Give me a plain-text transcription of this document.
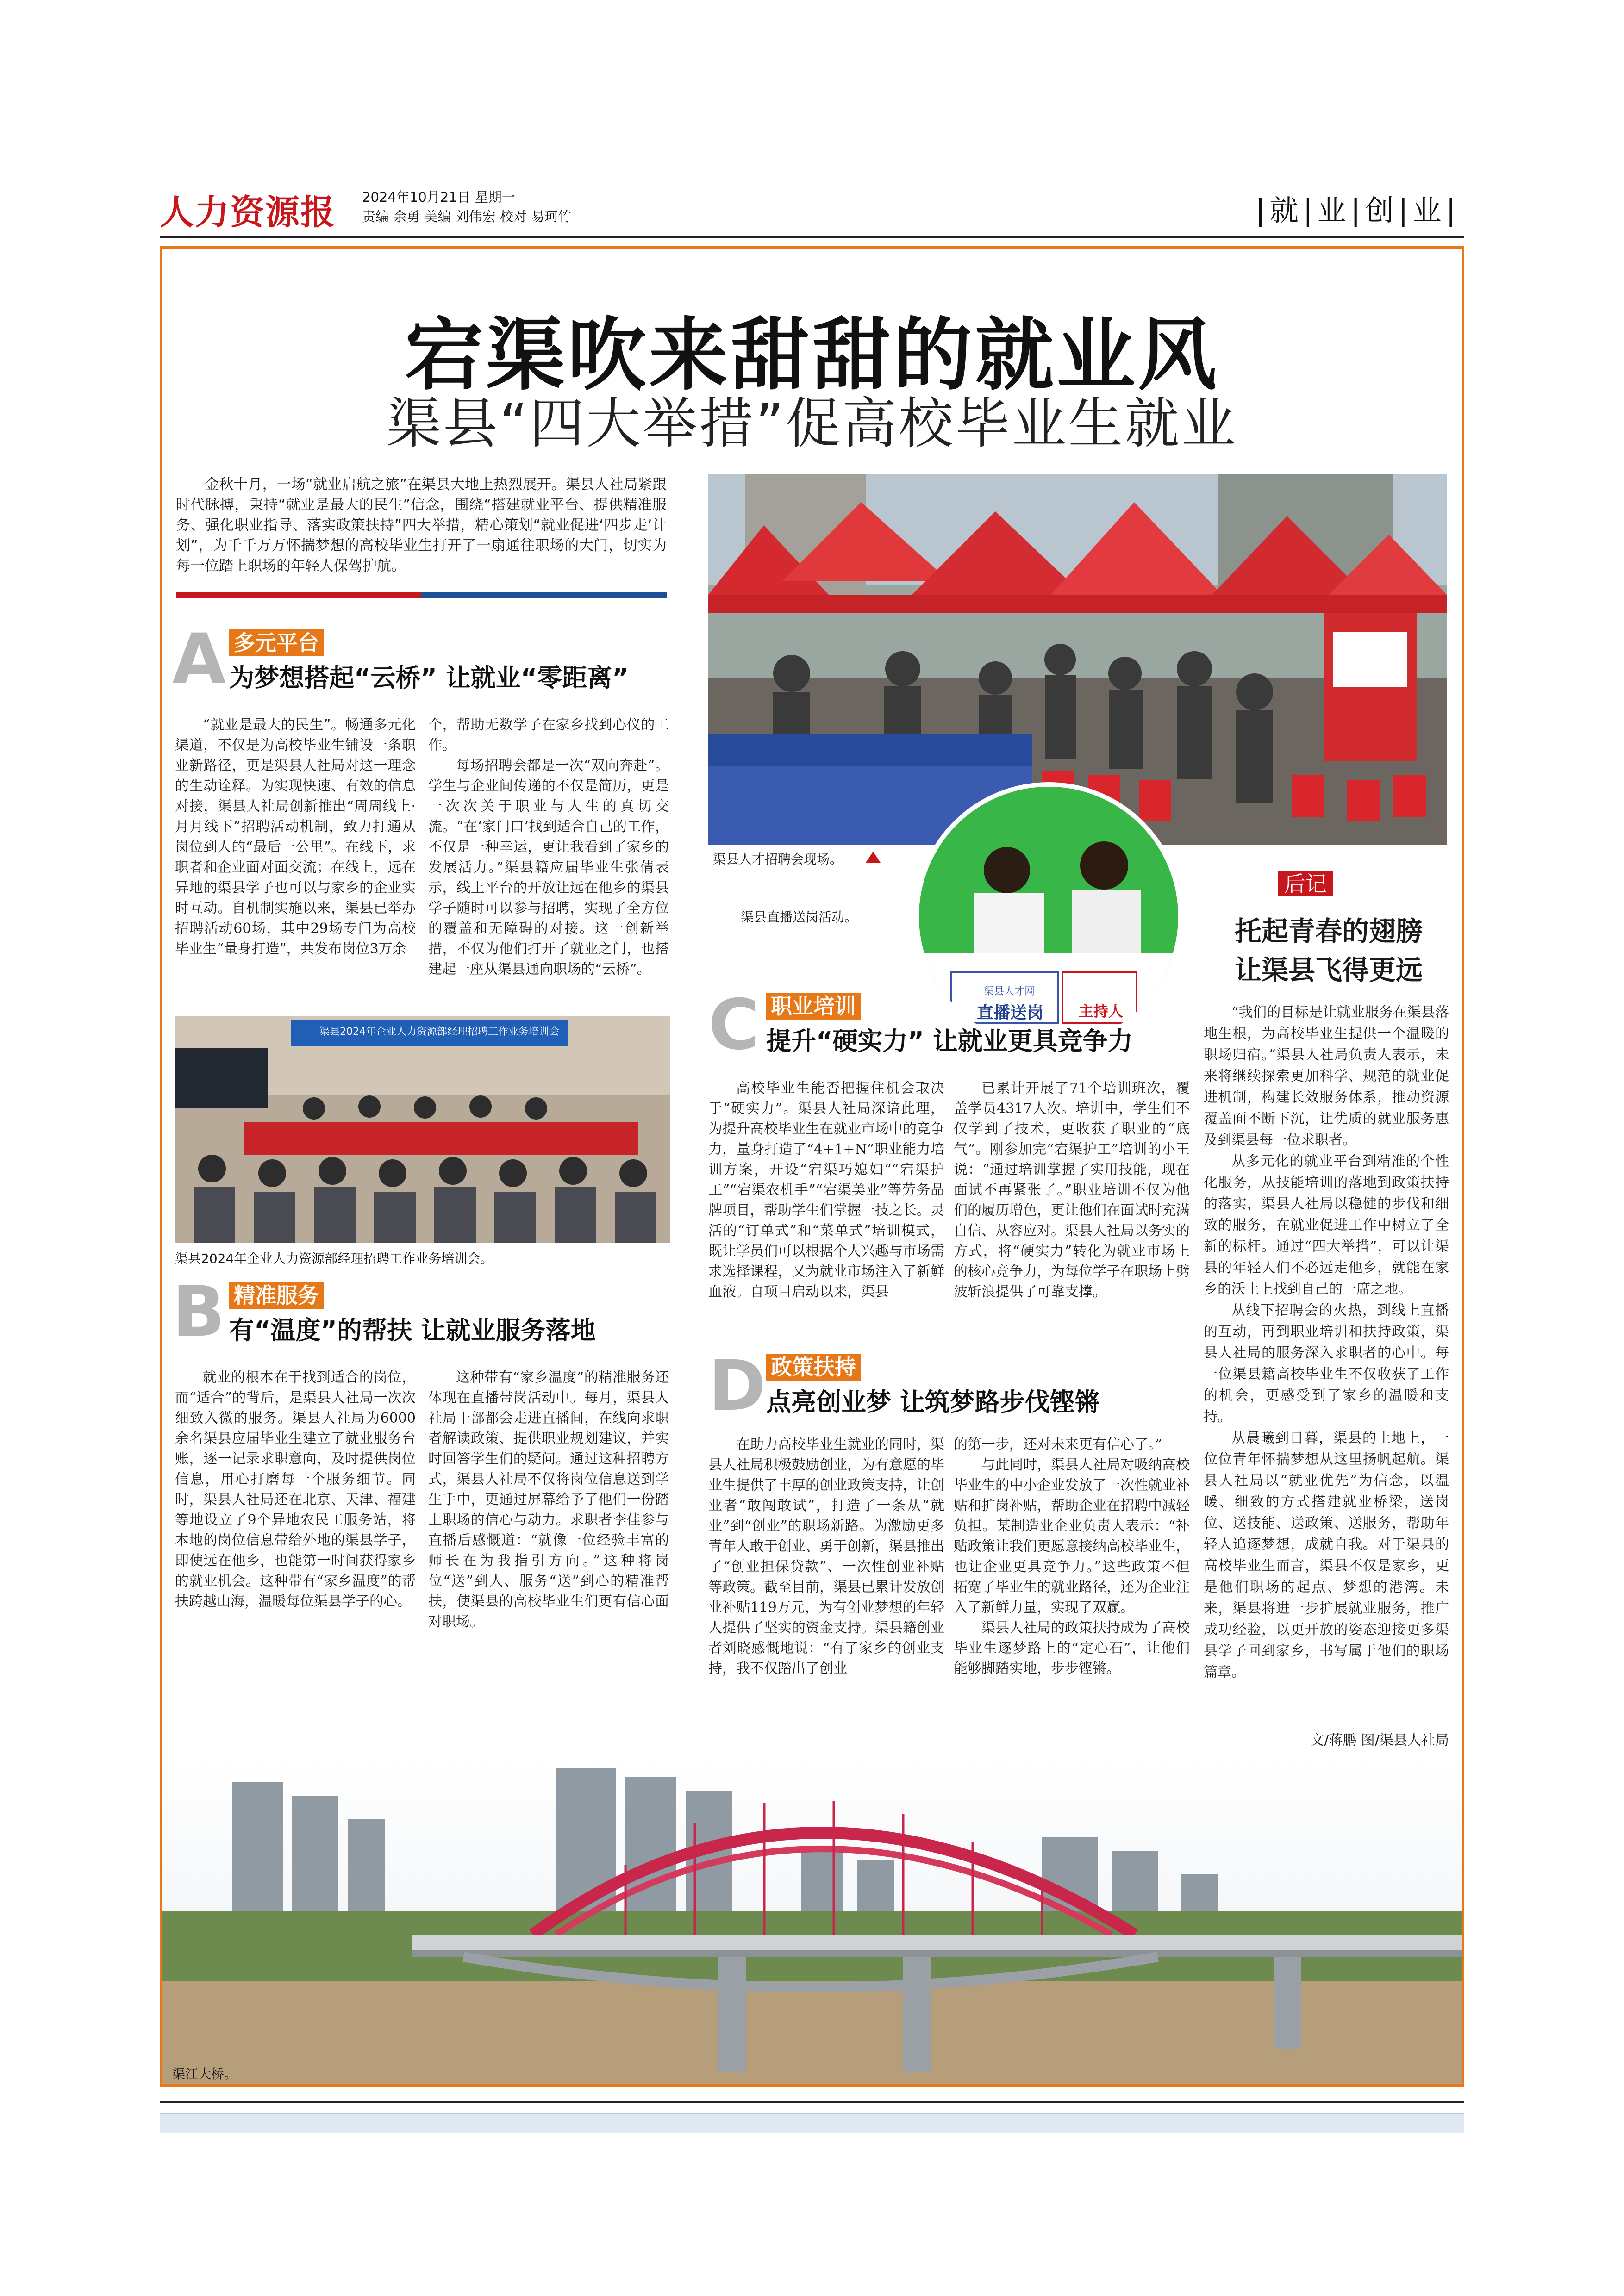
人力资源报 2024年10月21日 星期一
责编 余勇 美编 刘伟宏 校对 易珂竹	|就|业|创|业|
宕渠吹来甜甜的就业风
渠县“四大举措”促高校毕业生就业
金秋十月，一场“就业启航之旅”在渠县大地上热烈展开。渠县人社局紧跟时代脉搏，秉持“就业是最大的民生”信念，围绕“搭建就业平台、提供精准服务、强化职业指导、落实政策扶持”四大举措，精心策划“就业促进‘四步走’计划”，为千千万万怀揣梦想的高校毕业生打开了一扇通往职场的大门，切实为每一位踏上职场的年轻人保驾护航。
渠县人才招聘会现场。
渠县人才网
直播送岗 主持人
渠县直播送岗活动。
后记
托起青春的翅膀
让渠县飞得更远

“我们的目标是让就业服务在渠县落地生根，为高校毕业生提供一个温暖的职场归宿。”渠县人社局负责人表示，未来将继续探索更加科学、规范的就业促进机制，构建长效服务体系，推动资源覆盖面不断下沉，让优质的就业服务惠及到渠县每一位求职者。

从多元化的就业平台到精准的个性化服务，从技能培训的落地到政策扶持的落实，渠县人社局以稳健的步伐和细致的服务，在就业促进工作中树立了全新的标杆。通过“四大举措”，可以让渠县的年轻人们不必远走他乡，就能在家乡的沃土上找到自己的一席之地。

从线下招聘会的火热，到线上直播的互动，再到职业培训和扶持政策，渠县人社局的服务深入求职者的心中。每一位渠县籍高校毕业生不仅收获了工作的机会，更感受到了家乡的温暖和支持。

从晨曦到日暮，渠县的土地上，一位位青年怀揣梦想从这里扬帆起航。渠县人社局以“就业优先”为信念，以温暖、细致的方式搭建就业桥梁，送岗位、送技能、送政策、送服务，帮助年轻人追逐梦想，成就自我。对于渠县的高校毕业生而言，渠县不仅是家乡，更是他们职场的起点、梦想的港湾。未来，渠县将进一步扩展就业服务，推广成功经验，以更开放的姿态迎接更多渠县学子回到家乡，书写属于他们的职场篇章。

文/蒋鹏 图/渠县人社局
A 多元平台
为梦想搭起“云桥” 让就业“零距离”
“就业是最大的民生”。畅通多元化渠道，不仅是为高校毕业生铺设一条职业新路径，更是渠县人社局对这一理念的生动诠释。为实现快速、有效的信息对接，渠县人社局创新推出“周周线上·月月线下”招聘活动机制，致力打通从岗位到人的“最后一公里”。在线下，求职者和企业面对面交流；在线上，远在异地的渠县学子也可以与家乡的企业实时互动。自机制实施以来，渠县已举办招聘活动60场，其中29场专门为高校毕业生“量身打造”，共发布岗位3万余

个，帮助无数学子在家乡找到心仪的工作。

每场招聘会都是一次“双向奔赴”。学生与企业间传递的不仅是简历，更是一次次关于职业与人生的真切交流。“在‘家门口’找到适合自己的工作，不仅是一种幸运，更让我看到了家乡的发展活力。”渠县籍应届毕业生张倩表示，线上平台的开放让远在他乡的渠县学子随时可以参与招聘，实现了全方位的覆盖和无障碍的对接。这一创新举措，不仅为他们打开了就业之门，也搭建起一座从渠县通向职场的“云桥”。

渠县2024年企业人力资源部经理招聘工作业务培训会
渠县2024年企业人力资源部经理招聘工作业务培训会。
B 精准服务
有“温度”的帮扶 让就业服务落地
就业的根本在于找到适合的岗位，而“适合”的背后，是渠县人社局一次次细致入微的服务。渠县人社局为6000余名渠县应届毕业生建立了就业服务台账，逐一记录求职意向，及时提供岗位信息，用心打磨每一个服务细节。同时，渠县人社局还在北京、天津、福建等地设立了9个异地农民工服务站，将本地的岗位信息带给外地的渠县学子，即使远在他乡，也能第一时间获得家乡的就业机会。这种带有“家乡温度”的帮扶跨越山海，温暖每位渠县学子的心。
这种带有“家乡温度”的精准服务还体现在直播带岗活动中。每月，渠县人社局干部都会走进直播间，在线向求职者解读政策、提供职业规划建议，并实时回答学生们的疑问。通过这种招聘方式，渠县人社局不仅将岗位信息送到学生手中，更通过屏幕给予了他们一份踏上职场的信心与动力。求职者李佳参与直播后感慨道：“就像一位经验丰富的师长在为我指引方向。”这种将岗位“送”到人、服务“送”到心的精准帮扶，使渠县的高校毕业生们更有信心面对职场。
C 职业培训
提升“硬实力” 让就业更具竞争力
高校毕业生能否把握住机会取决于“硬实力”。渠县人社局深谙此理，为提升高校毕业生在就业市场中的竞争力，量身打造了“4+1+N”职业能力培训方案，开设“宕渠巧媳妇”“宕渠护工”“宕渠农机手”“宕渠美业”等劳务品牌项目，帮助学生们掌握一技之长。灵活的“订单式”和“菜单式”培训模式，既让学员们可以根据个人兴趣与市场需求选择课程，又为就业市场注入了新鲜血液。自项目启动以来，渠县
已累计开展了71个培训班次，覆盖学员4317人次。培训中，学生们不仅学到了技术，更收获了职业的“底气”。刚参加完“宕渠护工”培训的小王说：“通过培训掌握了实用技能，现在面试不再紧张了。”职业培训不仅为他们的履历增色，更让他们在面试时充满自信、从容应对。渠县人社局以务实的方式，将“硬实力”转化为就业市场上的核心竞争力，为每位学子在职场上劈波斩浪提供了可靠支撑。
D 政策扶持
点亮创业梦 让筑梦路步伐铿锵
在助力高校毕业生就业的同时，渠县人社局积极鼓励创业，为有意愿的毕业生提供了丰厚的创业政策支持，让创业者“敢闯敢试”，打造了一条从“就业”到“创业”的职场新路。为激励更多青年人敢于创业、勇于创新，渠县推出了“创业担保贷款”、一次性创业补贴等政策。截至目前，渠县已累计发放创业补贴119万元，为有创业梦想的年轻人提供了坚实的资金支持。渠县籍创业者刘晓感慨地说：“有了家乡的创业支持，我不仅踏出了创业

的第一步，还对未来更有信心了。”

与此同时，渠县人社局对吸纳高校毕业生的中小企业发放了一次性就业补贴和扩岗补贴，帮助企业在招聘中减轻负担。某制造业企业负责人表示：“补贴政策让我们更愿意接纳高校毕业生，也让企业更具竞争力。”这些政策不但拓宽了毕业生的就业路径，还为企业注入了新鲜力量，实现了双赢。

渠县人社局的政策扶持成为了高校毕业生逐梦路上的“定心石”，让他们能够脚踏实地，步步铿锵。

渠江大桥。
